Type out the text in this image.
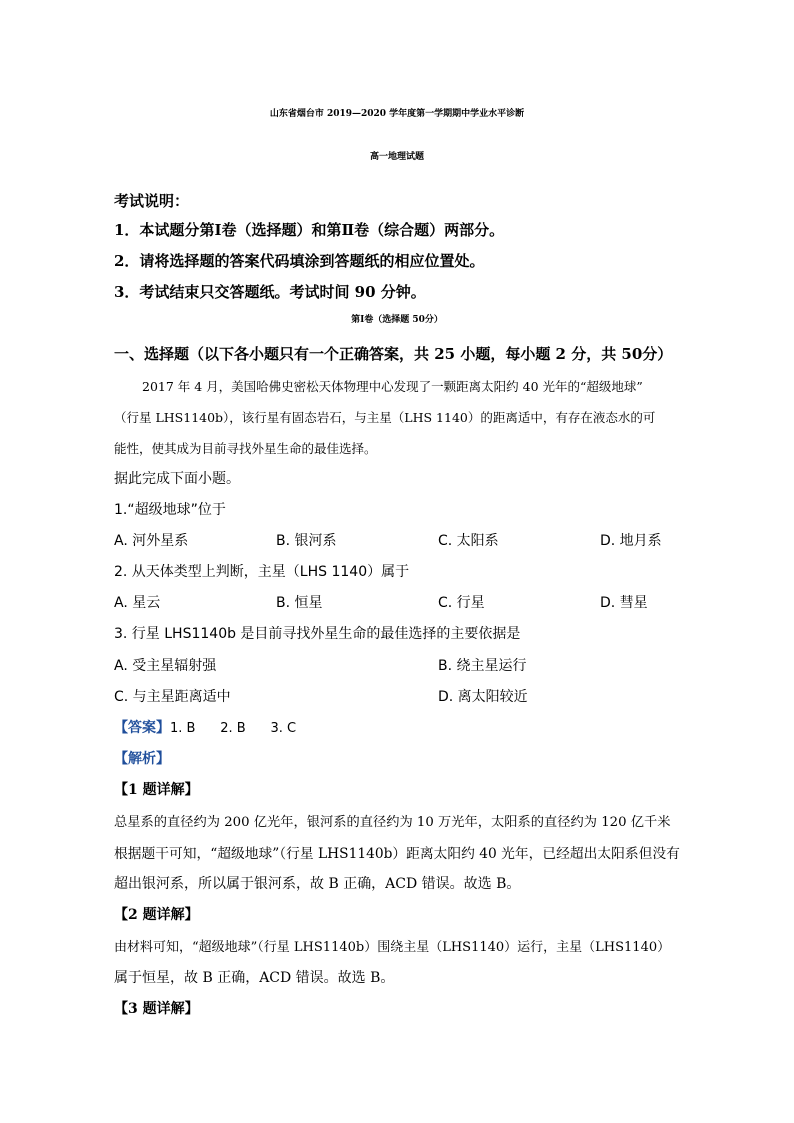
山东省烟台市 2019—2020 学年度第一学期期中学业水平诊断
高一地理试题
考试说明：
1．本试题分第Ⅰ卷（选择题）和第Ⅱ卷（综合题）两部分。
2．请将选择题的答案代码填涂到答题纸的相应位置处。
3．考试结束只交答题纸。考试时间 90 分钟。
第Ⅰ卷（选择题 50分）
一、选择题（以下各小题只有一个正确答案，共 25 小题，每小题 2 分，共 50分）
2017 年 4 月，美国哈佛史密松天体物理中心发现了一颗距离太阳约 40 光年的“超级地球”
（行星 LHS1140b），该行星有固态岩石，与主星（LHS 1140）的距离适中，有存在液态水的可
能性，使其成为目前寻找外星生命的最佳选择。
据此完成下面小题。
1.“超级地球”位于
A. 河外星系	B. 银河系	C. 太阳系	D. 地月系
2. 从天体类型上判断，主星（LHS 1140）属于
A. 星云	B. 恒星	C. 行星	D. 彗星
3. 行星 LHS1140b 是目前寻找外星生命的最佳选择的主要依据是
A. 受主星辐射强	B. 绕主星运行
C. 与主星距离适中	D. 离太阳较近
【答案】1. B      2. B      3. C
【解析】
【1 题详解】
总星系的直径约为 200 亿光年，银河系的直径约为 10 万光年，太阳系的直径约为 120 亿千米
根据题干可知，“超级地球”（行星 LHS1140b）距离太阳约 40 光年，已经超出太阳系但没有
超出银河系，所以属于银河系，故 B 正确，ACD 错误。故选 B。
【2 题详解】
由材料可知，“超级地球”（行星 LHS1140b）围绕主星（LHS1140）运行，主星（LHS1140）
属于恒星，故 B 正确，ACD 错误。故选 B。
【3 题详解】
